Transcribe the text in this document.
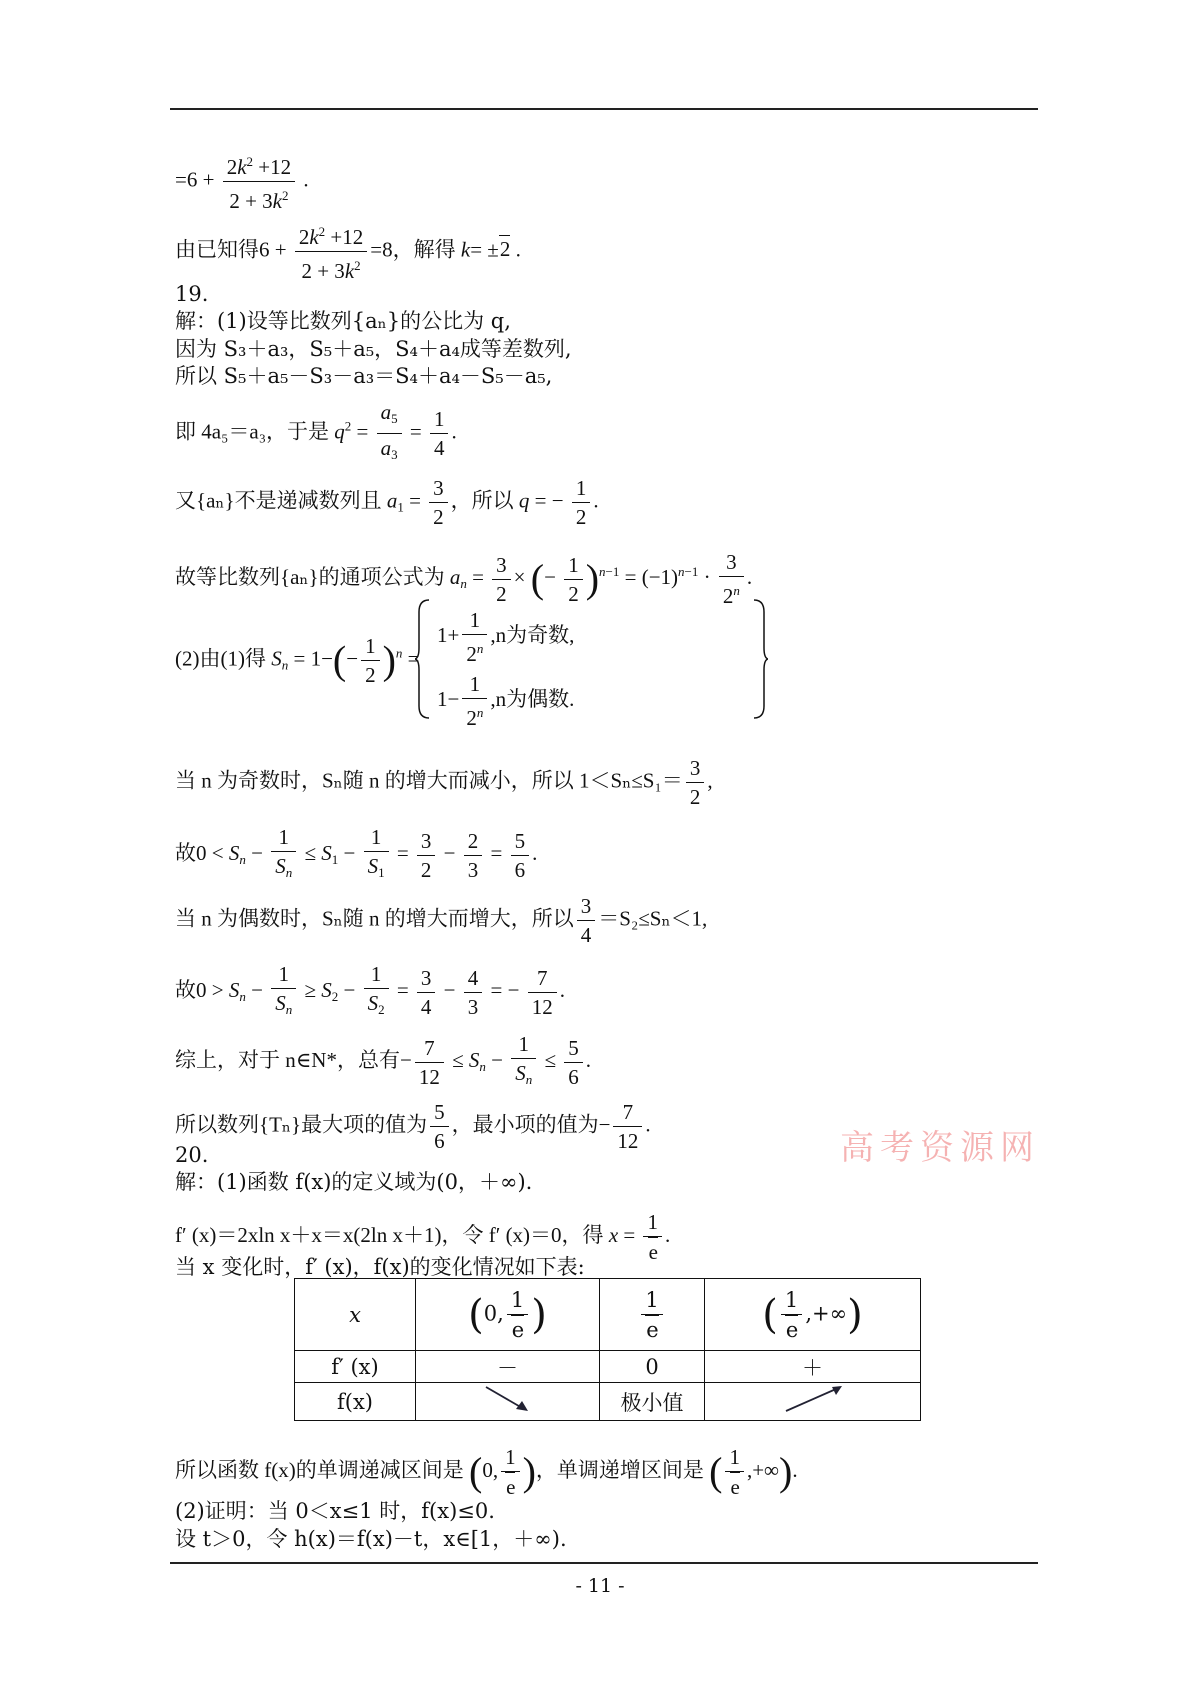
$=6 + \frac{2k^2 +12}{2 + 3k^2}$ .
由已知得$6 + \frac{2k^2 +12}{2 + 3k^2} =8$，解得 k= ±2 .
19.
解：(1)设等比数列{aₙ}的公比为 q,
因为 S₃＋a₃，S₅＋a₅，S₄＋a₄成等差数列,
所以 S₅＋a₅－S₃－a₃＝S₄＋a₄－S₅－a₅,
即 4a₅＝a₃，于是 $q^2 = \frac{a_5}{a_3} = \frac{1}{4}$ .
又{aₙ}不是递减数列且 $a_1 = \frac{3}{2}$ ，所以 q = − $\frac{1}{2}$ .
故等比数列{aₙ}的通项公式为 $a_n = \frac{3}{2}$ × (− $\frac{1}{2} )^{n-1} = (-1)^{n-1} \cdot \frac{3}{2^n}$ .
(2)由(1)得 $S_n = 1-(- \frac{1}{2} )^n$ =
$1+ \frac{1}{2^n} ,n$为奇数,
$1- \frac{1}{2^n} ,n$为偶数.
当 n 为奇数时，Sₙ随 n 的增大而减小，所以 $1<S_n\le S_1= \frac{3}{2}$ ,
故$0 < S_n - \frac{1}{S_n} \le S_1 - \frac{1}{S_1} = \frac{3}{2} - \frac{2}{3} = \frac{5}{6}$ .
当 n 为偶数时，Sₙ随 n 的增大而增大，所以 $\frac{3}{4} =S_2\le S_n<1$,
故$0 > S_n - \frac{1}{S_n} \ge S_2 - \frac{1}{S_2} = \frac{3}{4} - \frac{4}{3}$ = − $\frac{7}{12}$ .
综上，对于 n∈N*，总有− $\frac{7}{12} \le S_n - \frac{1}{S_n} \le \frac{5}{6}$ .
所以数列{Tₙ}最大项的值为 $\frac{5}{6}$ ，最小项的值为− $\frac{7}{12}$ .
20.
解：(1)函数 f(x)的定义域为(0，＋∞).
f′ (x)＝2xln x＋x＝x(2ln x＋1)，令 f′ (x)＝0，得 $x = \frac{1}{e}$ .
当 x 变化时，f′ (x)，f(x)的变化情况如下表:
所以函数 f(x)的单调递减区间是 (0, $\frac{1}{e}$ )，单调递增区间是 ( $\frac{1}{e}$ ,+∞).
(2)证明：当 0＜x≤1 时，f(x)≤0.
设 t＞0，令 h(x)＝f(x)－t，x∈[1，＋∞).
x	(0, $\frac{1}{e}$ )	$\frac{1}{e}$	( $\frac{1}{e}$ ,+∞)
f′ (x)	－	0	＋
f(x)		极小值	
高考资源网
- 11 -
